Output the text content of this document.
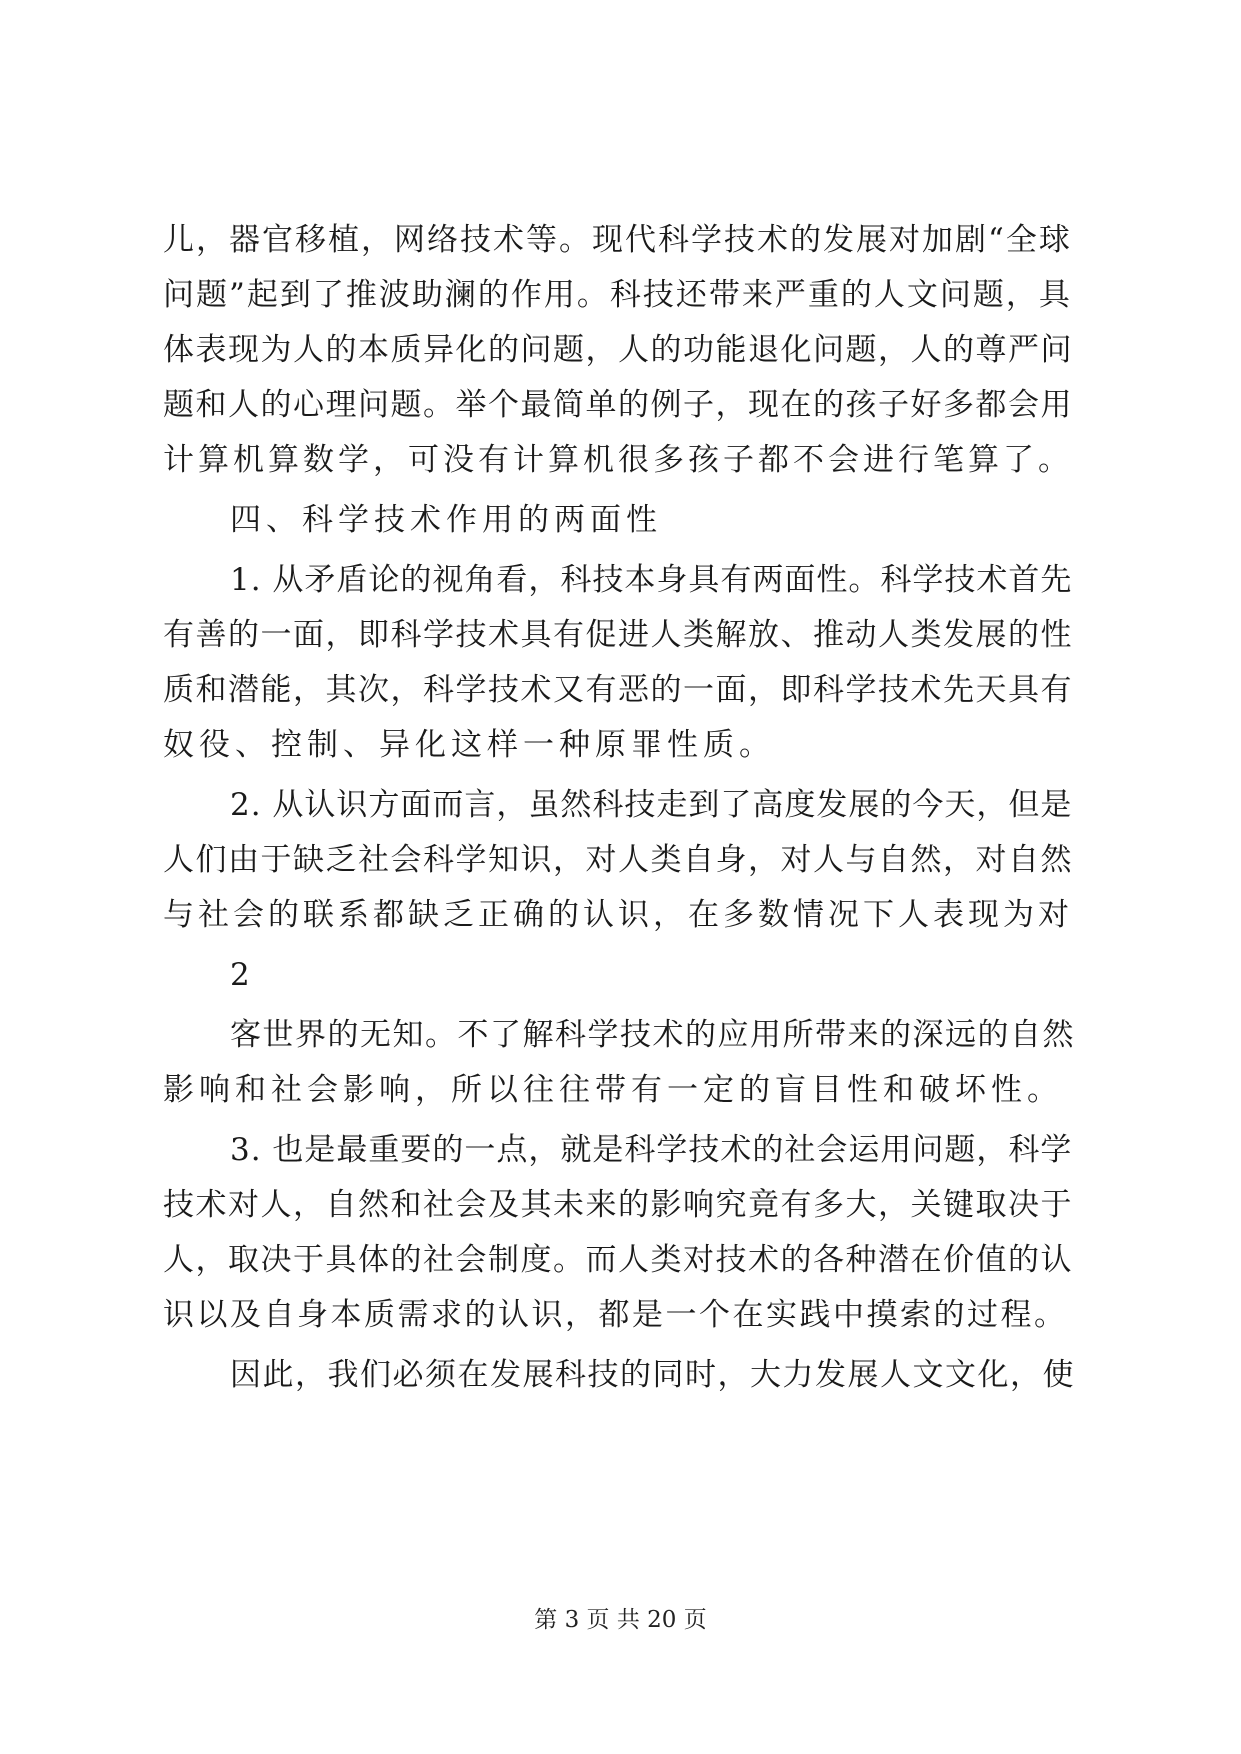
儿，器官移植，网络技术等。现代科学技术的发展对加剧“全球
问题”起到了推波助澜的作用。科技还带来严重的人文问题，具
体表现为人的本质异化的问题，人的功能退化问题，人的尊严问
题和人的心理问题。举个最简单的例子，现在的孩子好多都会用
计算机算数学，可没有计算机很多孩子都不会进行笔算了。
四、科学技术作用的两面性
1. 从矛盾论的视角看，科技本身具有两面性。科学技术首先
有善的一面，即科学技术具有促进人类解放、推动人类发展的性
质和潜能，其次，科学技术又有恶的一面，即科学技术先天具有
奴役、控制、异化这样一种原罪性质。
2. 从认识方面而言，虽然科技走到了高度发展的今天，但是
人们由于缺乏社会科学知识，对人类自身，对人与自然，对自然
与社会的联系都缺乏正确的认识，在多数情况下人表现为对
2
客世界的无知。不了解科学技术的应用所带来的深远的自然
影响和社会影响，所以往往带有一定的盲目性和破坏性。
3. 也是最重要的一点，就是科学技术的社会运用问题，科学
技术对人，自然和社会及其未来的影响究竟有多大，关键取决于
人，取决于具体的社会制度。而人类对技术的各种潜在价值的认
识以及自身本质需求的认识，都是一个在实践中摸索的过程。
因此，我们必须在发展科技的同时，大力发展人文文化，使
第 3 页 共 20 页
